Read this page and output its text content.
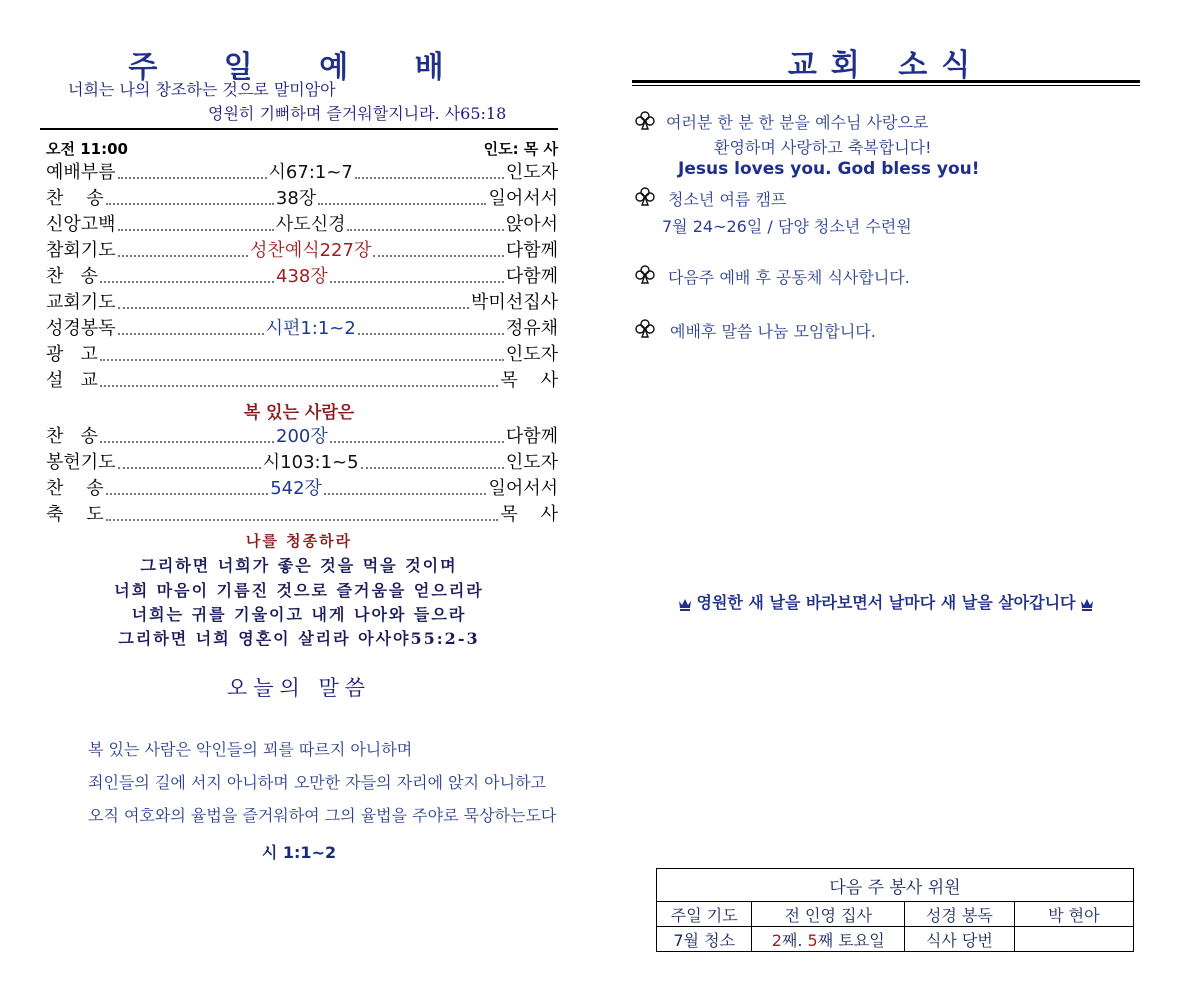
주 일 예 배
너희는 나의 창조하는 것으로 말미암아
영원히 기뻐하며 즐거워할지니라. 사65:18
오전 11:00	인도: 목 사
예배부름	시67:1~7	인도자
찬    송	38장	일어서서
신앙고백	사도신경	앉아서
참회기도	성찬예식227장	다함께
찬   송	438장	다함께
교회기도	박미선집사
성경봉독	시편1:1~2	정유채
광   고	인도자
설   교	목    사
복 있는 사람은
찬   송	200장	다함께
봉헌기도	시103:1~5	인도자
찬    송	542장	일어서서
축    도	목    사
나를 청종하라
그리하면 너희가 좋은 것을 먹을 것이며
너희 마음이 기름진 것으로 즐거움을 얻으리라
너희는 귀를 기울이고 내게 나아와 들으라
그리하면 너희 영혼이 살리라 아사야55:2-3
오늘의 말씀
복 있는 사람은 악인들의 꾀를 따르지 아니하며
죄인들의 길에 서지 아니하며 오만한 자들의 자리에 앉지 아니하고
오직 여호와의 율법을 즐거워하여 그의 율법을 주야로 묵상하는도다
시 1:1~2
교회 소식
여러분 한 분 한 분을 예수님 사랑으로
환영하며 사랑하고 축복합니다!
Jesus loves you. God bless you!
청소년 여름 캠프
7월 24~26일 / 담양 청소년 수련원
다음주 예배 후 공동체 식사합니다.
예배후 말씀 나눔 모임합니다.
영원한 새 날을 바라보면서 날마다 새 날을 살아갑니다
다음 주 봉사 위원			
주일 기도	전 인영 집사	성경 봉독	박 현아
7월 청소	2째. 5째 토요일	식사 당번	
